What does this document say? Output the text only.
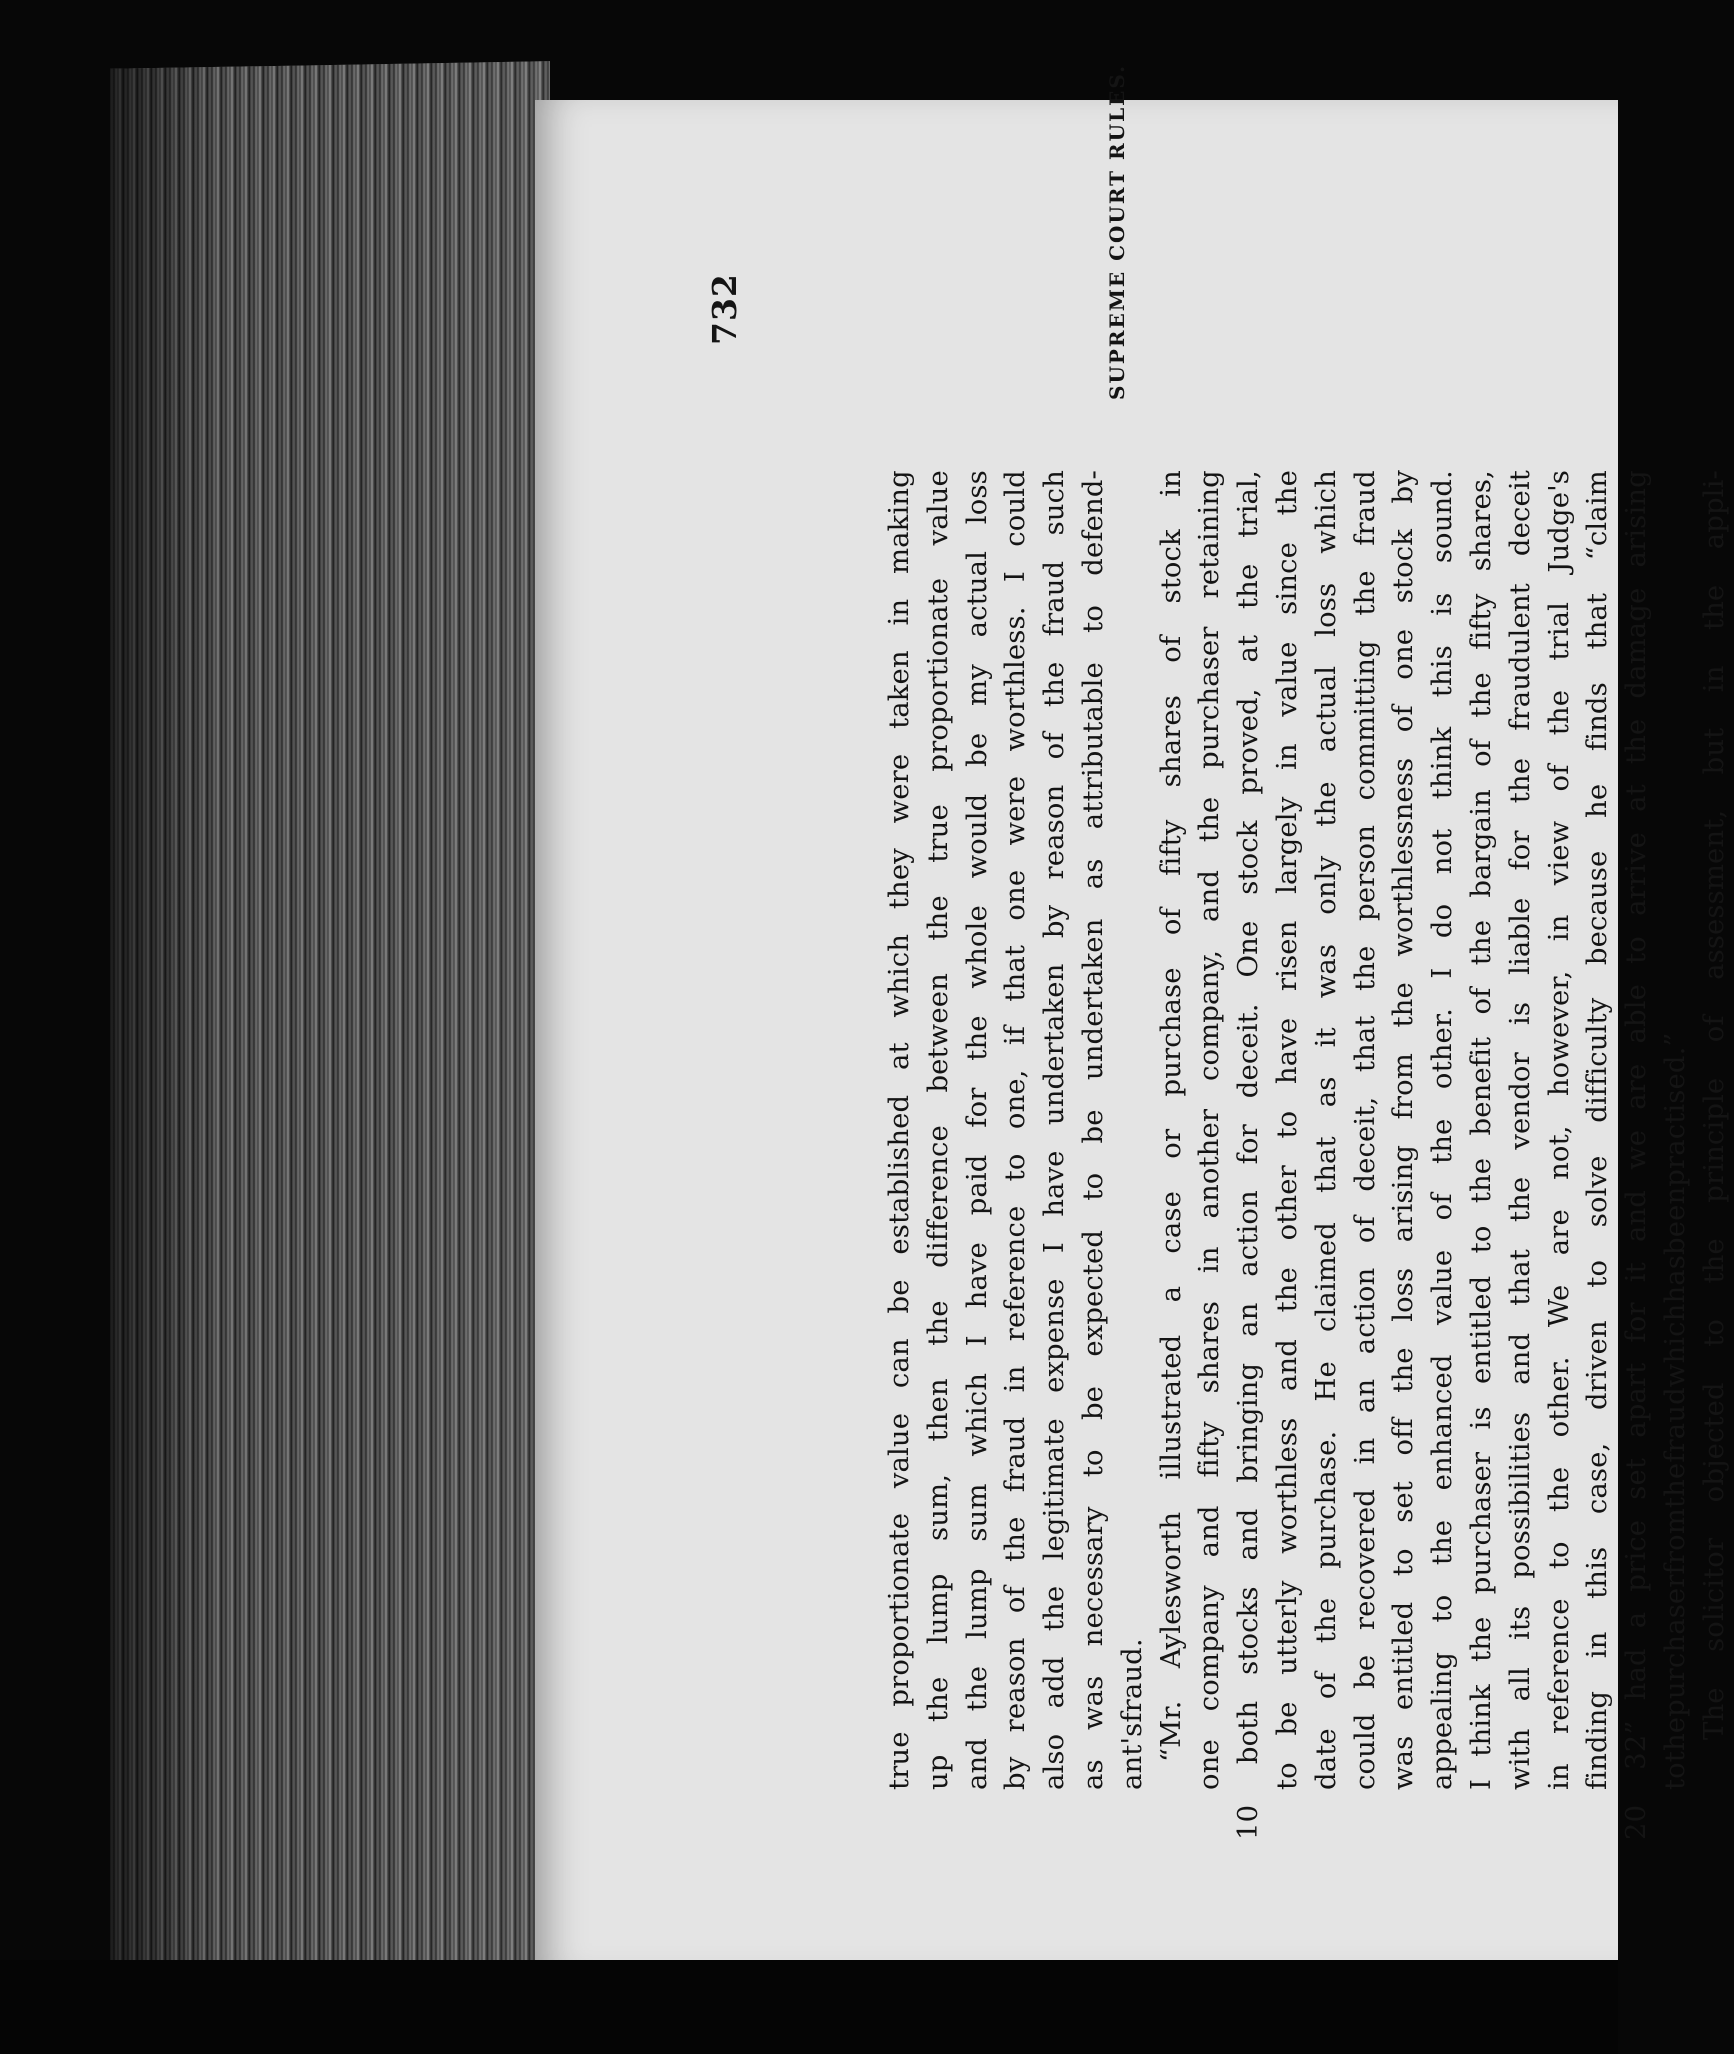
732	SUPREME COURT RULES.
true
proportionate
value
can
be
established
at
which
they
were
taken
in
making
up
the
lump
sum,
then
the
difference
between
the
true
proportionate
value
and
the
lump
sum
which
I
have
paid
for
the
whole
would
be
my
actual
loss
by
reason
of
the
fraud
in
reference
to
one,
if
that
one
were
worthless.
I
could
also
add
the
legitimate
expense
I
have
undertaken
by
reason
of
the
fraud
such
as
was
necessary
to
be
expected
to
be
undertaken
as
attributable
to
defend-
ant's
fraud.
“Mr.
Aylesworth
illustrated
a
case
or
purchase
of
fifty
shares
of
stock
in
one
company
and
fifty
shares
in
another
company,
and
the
purchaser
retaining
both
stocks
and
bringing
an
action
for
deceit.
One
stock
proved,
at
the
trial,
to
be
utterly
worthless
and
the
other
to
have
risen
largely
in
value
since
the
date
of
the
purchase.
He
claimed
that
as
it
was
only
the
actual
loss
which
could
be
recovered
in
an
action
of
deceit,
that
the
person
committing
the
fraud
was
entitled
to
set
off
the
loss
arising
from
the
worthlessness
of
one
stock
by
appealing
to
the
enhanced
value
of
the
other.
I
do
not
think
this
is
sound.
I
think
the
purchaser
is
entitled
to
the
benefit
of
the
bargain
of
the
fifty
shares,
with
all
its
possibilities
and
that
the
vendor
is
liable
for
the
fraudulent
deceit
in
reference
to
the
other.
We
are
not,
however,
in
view
of
the
trial
Judge's
finding
in
this
case,
driven
to
solve
difficulty
because
he
finds
that
“claim
20
32”
had
a
price
set
apart
for
it
and
we
are
able
to
arrive
at
the
damage
arising
to
the
purchaser
from
the
fraud
which
has
been
practised.”
The
solicitor
objected
to
the
principle
of
assessment,
but
in
the
appli-
